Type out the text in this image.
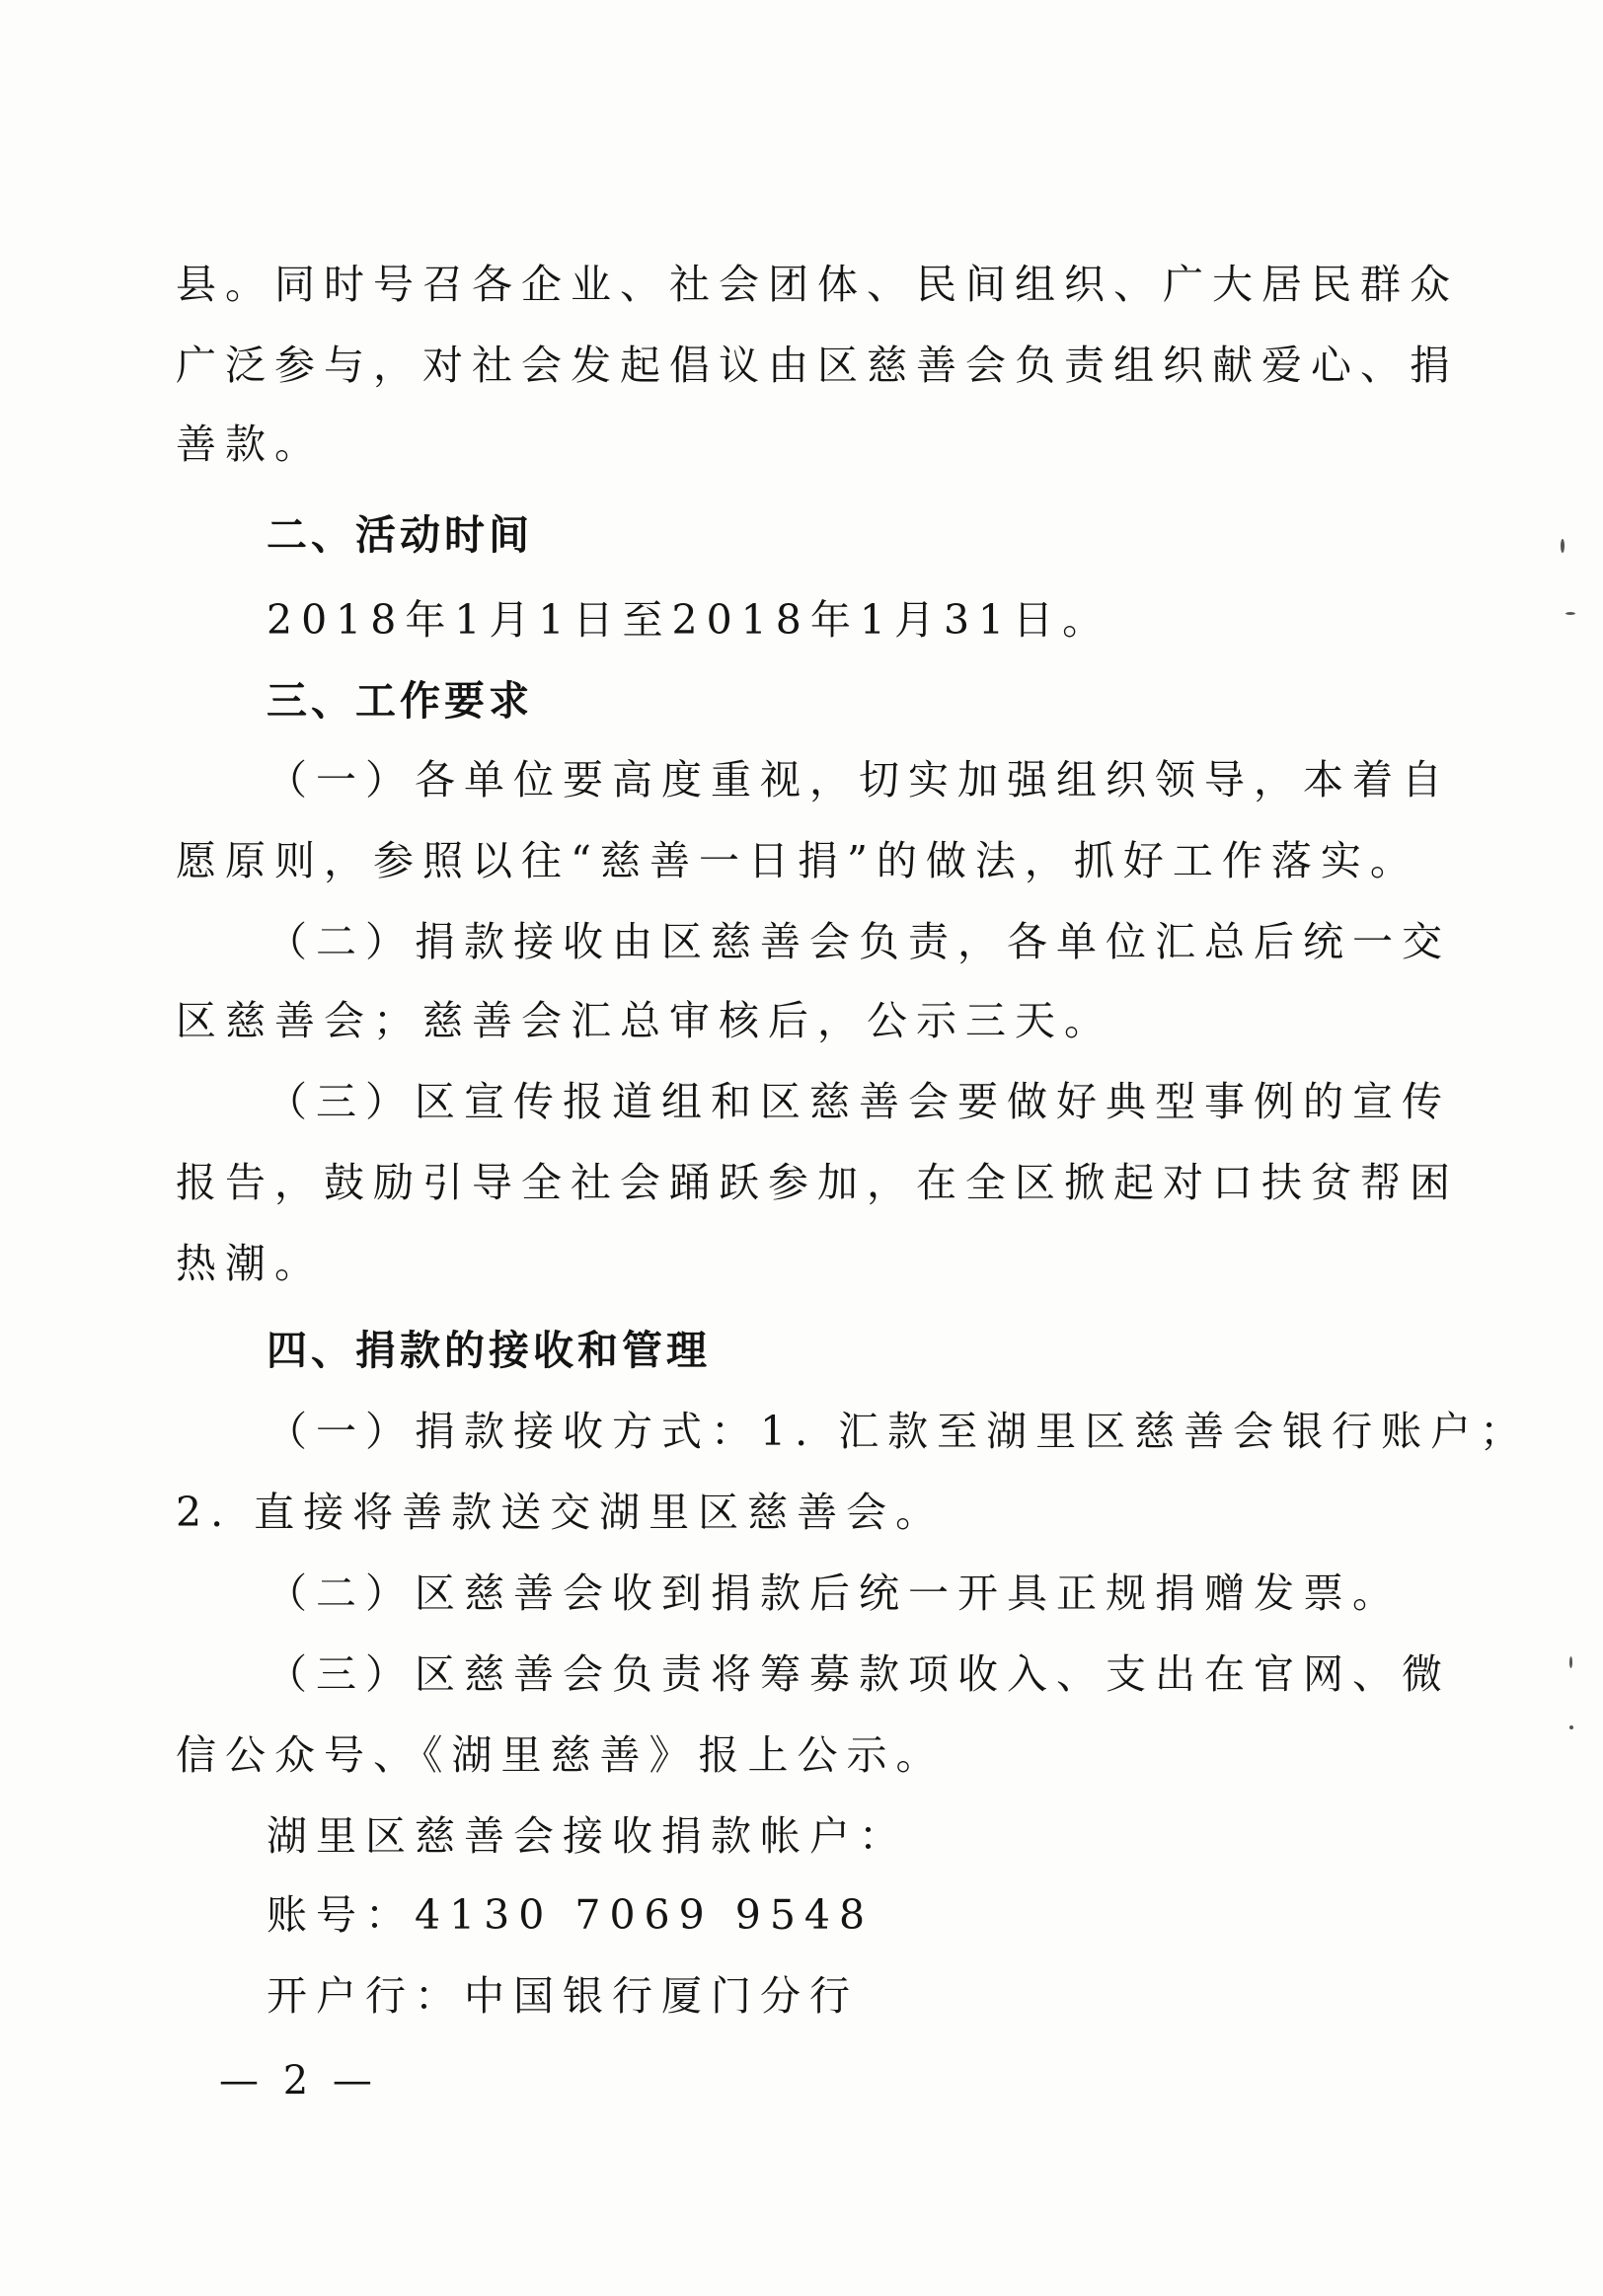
县。同时号召各企业、社会团体、民间组织、广大居民群众
广泛参与，对社会发起倡议由区慈善会负责组织献爱心、捐
善款。
二、活动时间
2018年1月1日至2018年1月31日。
三、工作要求
（一）各单位要高度重视，切实加强组织领导，本着自
愿原则，参照以往“慈善一日捐”的做法，抓好工作落实。
（二）捐款接收由区慈善会负责，各单位汇总后统一交
区慈善会；慈善会汇总审核后，公示三天。
（三）区宣传报道组和区慈善会要做好典型事例的宣传
报告，鼓励引导全社会踊跃参加，在全区掀起对口扶贫帮困
热潮。
四、捐款的接收和管理
（一）捐款接收方式：1. 汇款至湖里区慈善会银行账户；
2. 直接将善款送交湖里区慈善会。
（二）区慈善会收到捐款后统一开具正规捐赠发票。
（三）区慈善会负责将筹募款项收入、支出在官网、微
信公众号、《湖里慈善》报上公示。
湖里区慈善会接收捐款帐户：
账号：4130 7069 9548
开户行：中国银行厦门分行
— 2 —
